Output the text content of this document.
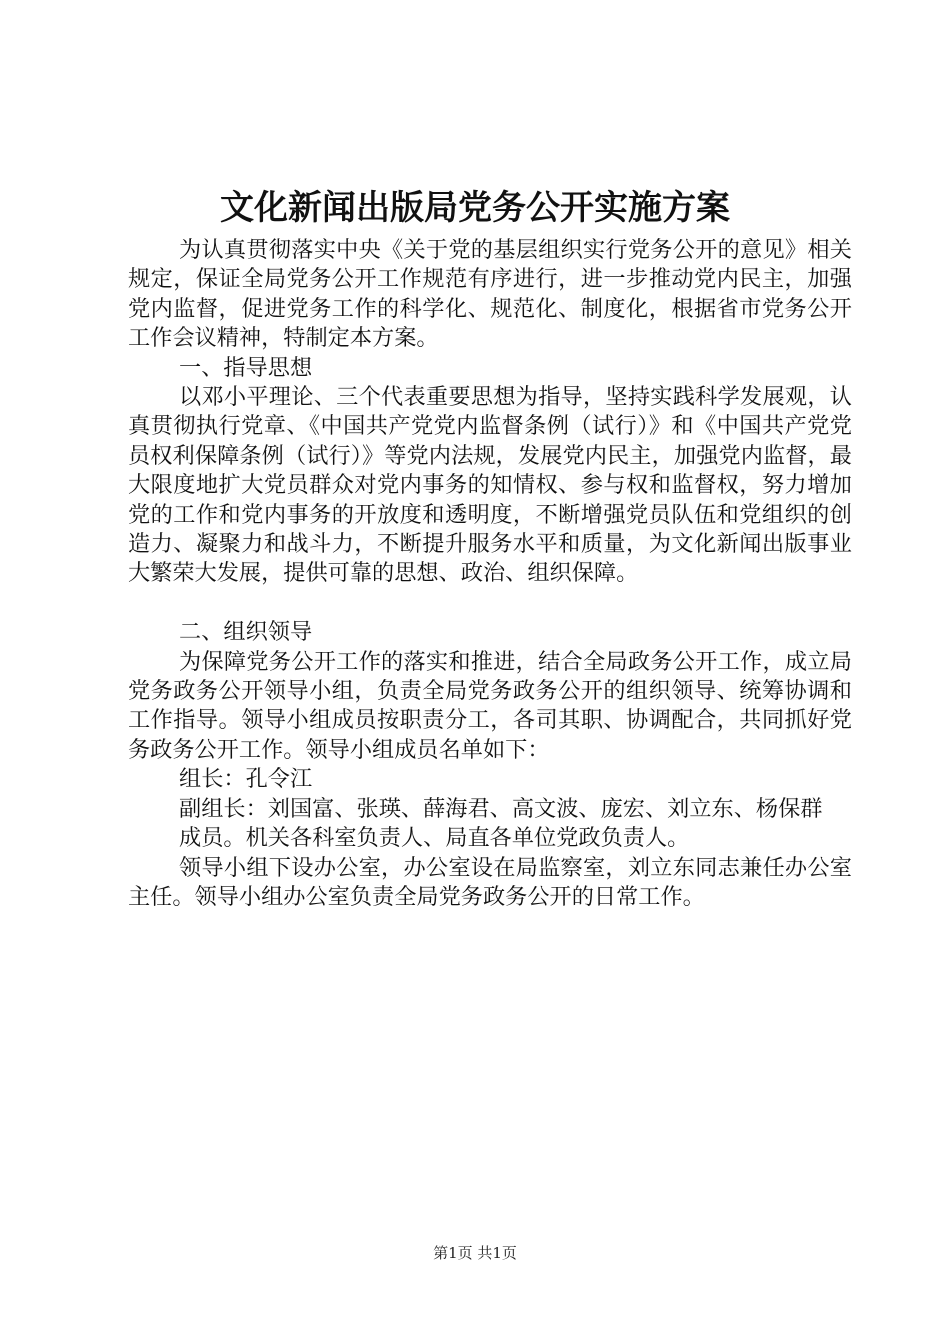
文化新闻出版局党务公开实施方案

为认真贯彻落实中央《关于党的基层组织实行党务公开的意见》相关规定，保证全局党务公开工作规范有序进行，进一步推动党内民主，加强党内监督，促进党务工作的科学化、规范化、制度化，根据省市党务公开工作会议精神，特制定本方案。

一、指导思想

以邓小平理论、三个代表重要思想为指导，坚持实践科学发展观，认真贯彻执行党章、《中国共产党党内监督条例（试行）》和《中国共产党党员权利保障条例（试行）》等党内法规，发展党内民主，加强党内监督，最大限度地扩大党员群众对党内事务的知情权、参与权和监督权，努力增加党的工作和党内事务的开放度和透明度，不断增强党员队伍和党组织的创造力、凝聚力和战斗力，不断提升服务水平和质量，为文化新闻出版事业大繁荣大发展，提供可靠的思想、政治、组织保障。

二、组织领导

为保障党务公开工作的落实和推进，结合全局政务公开工作，成立局党务政务公开领导小组，负责全局党务政务公开的组织领导、统筹协调和工作指导。领导小组成员按职责分工，各司其职、协调配合，共同抓好党务政务公开工作。领导小组成员名单如下：

组长：孔令江

副组长：刘国富、张瑛、薛海君、高文波、庞宏、刘立东、杨保群

成员。机关各科室负责人、局直各单位党政负责人。

领导小组下设办公室，办公室设在局监察室，刘立东同志兼任办公室主任。领导小组办公室负责全局党务政务公开的日常工作。

第1页 共1页
